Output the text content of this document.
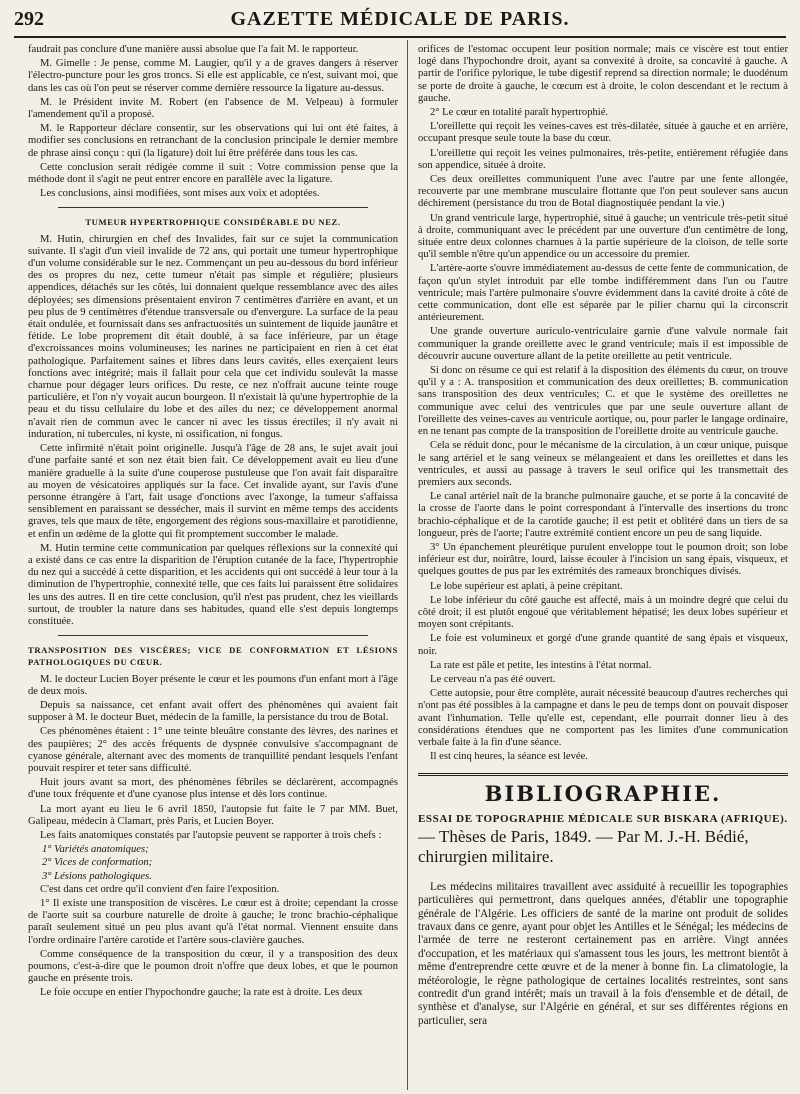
GAZETTE MÉDICALE DE PARIS.
292

faudrait pas conclure d'une manière aussi absolue que l'a fait M. le rapporteur.

M. Gimelle : Je pense, comme M. Laugier, qu'il y a de graves dangers à réserver l'électro-puncture pour les gros troncs. Si elle est applicable, ce n'est, suivant moi, que dans les cas où l'on peut se réserver comme dernière ressource la ligature au-dessus.

M. le Président invite M. Robert (en l'absence de M. Velpeau) à formuler l'amendement qu'il a proposé.

M. le Rapporteur déclare consentir, sur les observations qui lui ont été faites, à modifier ses conclusions en retranchant de la conclusion principale le dernier membre de phrase ainsi conçu : qui (la ligature) doit lui être préférée dans tous les cas.

Cette conclusion serait rédigée comme il suit : Votre commission pense que la méthode dont il s'agit ne peut entrer encore en parallèle avec la ligature.

Les conclusions, ainsi modifiées, sont mises aux voix et adoptées.

TUMEUR HYPERTROPHIQUE CONSIDÉRABLE DU NEZ.

M. Hutin, chirurgien en chef des Invalides, fait sur ce sujet la communication suivante. Il s'agit d'un vieil invalide de 72 ans, qui portait une tumeur hypertrophique d'un volume considérable sur le nez. Commençant un peu au-dessous du bord inférieur des os propres du nez, cette tumeur n'était pas simple et régulière; plusieurs appendices, détachés sur les côtés, lui donnaient quelque ressemblance avec des ailes déployées; ses dimensions présentaient environ 7 centimètres d'arrière en avant, et un peu plus de 9 centimètres d'étendue transversale ou d'envergure. La surface de la peau était ondulée, et fournissait dans ses anfractuosités un suintement de liquide jaunâtre et fétide. Le lobe proprement dit était doublé, à sa face inférieure, par un étage d'excroissances moins volumineuses; les narines ne participaient en rien à cet état pathologique. Parfaitement saines et libres dans leurs cavités, elles exerçaient leurs fonctions avec intégrité; mais il fallait pour cela que cet individu soulevât la masse charnue pour dégager leurs orifices. Du reste, ce nez n'offrait aucune teinte rouge particulière, et l'on n'y voyait aucun bourgeon. Il n'existait là qu'une hypertrophie de la peau et du tissu cellulaire du lobe et des ailes du nez; ce développement anormal n'avait rien de commun avec le cancer ni avec les tissus érectiles; il n'y avait ni induration, ni tubercules, ni kyste, ni ossification, ni fongus.

Cette infirmité n'était point originelle. Jusqu'à l'âge de 28 ans, le sujet avait joui d'une parfaite santé et son nez était bien fait. Ce développement avait eu lieu d'une manière graduelle à la suite d'une couperose pustuleuse que l'on avait fait disparaître au moyen de vésicatoires appliqués sur la face. Cet invalide ayant, sur l'avis d'une personne étrangère à l'art, fait usage d'onctions avec l'axonge, la tumeur s'affaissa sensiblement en paraissant se dessécher, mais il survint en même temps des accidents graves, tels que maux de tête, engorgement des régions sous-maxillaire et parotidienne, et enfin un œdème de la glotte qui fit promptement succomber le malade.

M. Hutin termine cette communication par quelques réflexions sur la connexité qui a existé dans ce cas entre la disparition de l'éruption cutanée de la face, l'hypertrophie du nez qui a succédé à cette disparition, et les accidents qui ont succédé à leur tour à la diminution de l'hypertrophie, connexité telle, que ces faits lui paraissent être solidaires les uns des autres. Il en tire cette conclusion, qu'il n'est pas prudent, chez les vieillards surtout, de troubler la nature dans ses habitudes, quand elle s'est depuis longtemps constituée.

TRANSPOSITION DES VISCÈRES; VICE DE CONFORMATION ET LÉSIONS PATHOLOGIQUES DU CŒUR.

M. le docteur Lucien Boyer présente le cœur et les poumons d'un enfant mort à l'âge de deux mois.

Depuis sa naissance, cet enfant avait offert des phénomènes qui avaient fait supposer à M. le docteur Buet, médecin de la famille, la persistance du trou de Botal.

Ces phénomènes étaient : 1° une teinte bleuâtre constante des lèvres, des narines et des paupières; 2° des accès fréquents de dyspnée convulsive s'accompagnant de cyanose générale, alternant avec des moments de tranquillité pendant lesquels l'enfant pouvait respirer et teter sans difficulté.

Huit jours avant sa mort, des phénomènes fébriles se déclarèrent, accompagnés d'une toux fréquente et d'une cyanose plus intense et dès lors continue.

La mort ayant eu lieu le 6 avril 1850, l'autopsie fut faite le 7 par MM. Buet, Galipeau, médecin à Clamart, près Paris, et Lucien Boyer.

Les faits anatomiques constatés par l'autopsie peuvent se rapporter à trois chefs :

1° Variétés anatomiques;
2° Vices de conformation;
3° Lésions pathologiques.

C'est dans cet ordre qu'il convient d'en faire l'exposition.

1° Il existe une transposition de viscères. Le cœur est à droite; cependant la crosse de l'aorte suit sa courbure naturelle de droite à gauche; le tronc brachio-céphalique paraît seulement situé un peu plus avant qu'à l'état normal. Viennent ensuite dans l'ordre ordinaire l'artère carotide et l'artère sous-clavière gauches.

Comme conséquence de la transposition du cœur, il y a transposition des deux poumons, c'est-à-dire que le poumon droit n'offre que deux lobes, et que le poumon gauche en présente trois.

Le foie occupe en entier l'hypochondre gauche; la rate est à droite. Les deux

orifices de l'estomac occupent leur position normale; mais ce viscère est tout entier logé dans l'hypochondre droit, ayant sa convexité à droite, sa concavité à gauche. A partir de l'orifice pylorique, le tube digestif reprend sa direction normale; le duodénum se porte de droite à gauche, le cœcum est à droite, le colon descendant et le rectum à gauche.

2° Le cœur en totalité paraît hypertrophié.

L'oreillette qui reçoit les veines-caves est très-dilatée, située à gauche et en arrière, occupant presque seule toute la base du cœur.

L'oreillette qui reçoit les veines pulmonaires, très-petite, entièrement réfugiée dans son appendice, située à droite.

Ces deux oreillettes communiquent l'une avec l'autre par une fente allongée, recouverte par une membrane musculaire flottante que l'on peut soulever sans aucun déchirement (persistance du trou de Botal diagnostiquée pendant la vie.)

Un grand ventricule large, hypertrophié, situé à gauche; un ventricule très-petit situé à droite, communiquant avec le précédent par une ouverture d'un centimètre de long, située entre deux colonnes charnues à la partie supérieure de la cloison, de telle sorte qu'il semble n'être qu'un appendice ou un accessoire du premier.

L'artère-aorte s'ouvre immédiatement au-dessus de cette fente de communication, de façon qu'un stylet introduit par elle tombe indifféremment dans l'un ou l'autre ventricule; mais l'artère pulmonaire s'ouvre évidemment dans la cavité droite à côté de cette communication, dont elle est séparée par le pilier charnu qui la circonscrit antérieurement.

Une grande ouverture auriculo-ventriculaire garnie d'une valvule normale fait communiquer la grande oreillette avec le grand ventricule; mais il est impossible de découvrir aucune ouverture allant de la petite oreillette au petit ventricule.

Si donc on résume ce qui est relatif à la disposition des éléments du cœur, on trouve qu'il y a : A. transposition et communication des deux oreillettes; B. communication sans transposition des deux ventricules; C. et que le système des oreillettes ne communique avec celui des ventricules que par une seule ouverture allant de l'oreillette des veines-caves au ventricule aortique, ou, pour parler le langage ordinaire, en ne tenant pas compte de la transposition de l'oreillette droite au ventricule gauche.

Cela se réduit donc, pour le mécanisme de la circulation, à un cœur unique, puisque le sang artériel et le sang veineux se mélangeaient et dans les oreillettes et dans les ventricules, et aussi au passage à travers le seul orifice qui les transmettait des premiers aux seconds.

Le canal artériel naît de la branche pulmonaire gauche, et se porte à la concavité de la crosse de l'aorte dans le point correspondant à l'intervalle des insertions du tronc brachio-céphalique et de la carotide gauche; il est petit et oblitéré dans un tiers de sa longueur, près de l'aorte; l'autre extrémité contient encore un peu de sang liquide.

3° Un épanchement pleurétique purulent enveloppe tout le poumon droit; son lobe inférieur est dur, noirâtre, lourd, laisse écouler à l'incision un sang épais, visqueux, et quelques gouttes de pus par les extrémités des rameaux bronchiques divisés.

Le lobe supérieur est aplati, à peine crépitant.

Le lobe inférieur du côté gauche est affecté, mais à un moindre degré que celui du côté droit; il est plutôt engoué que véritablement hépatisé; les deux lobes supérieur et moyen sont crépitants.

Le foie est volumineux et gorgé d'une grande quantité de sang épais et visqueux, noir.

La rate est pâle et petite, les intestins à l'état normal.

Le cerveau n'a pas été ouvert.

Cette autopsie, pour être complète, aurait nécessité beaucoup d'autres recherches qui n'ont pas été possibles à la campagne et dans le peu de temps dont on pouvait disposer avant l'inhumation. Telle qu'elle est, cependant, elle pourrait donner lieu à des considérations étendues que ne comportent pas les limites d'une communication verbale faite à la fin d'une séance.

Il est cinq heures, la séance est levée.

BIBLIOGRAPHIE.
ESSAI DE TOPOGRAPHIE MÉDICALE SUR BISKARA (AFRIQUE).
— Thèses de Paris, 1849. — Par M. J.-H. Bédié, chirurgien militaire.

Les médecins militaires travaillent avec assiduité à recueillir les topographies particulières qui permettront, dans quelques années, d'établir une topographie générale de l'Algérie. Les officiers de santé de la marine ont produit de solides travaux dans ce genre, ayant pour objet les Antilles et le Sénégal; les médecins de l'armée de terre ne resteront certainement pas en arrière. Vingt années d'occupation, et les matériaux qui s'amassent tous les jours, les mettront bientôt à même d'entreprendre cette œuvre et de la mener à bonne fin. La climatologie, la météorologie, le règne pathologique de certaines localités restreintes, sont sans contredit d'un grand intérêt; mais un travail à la fois d'ensemble et de détail, de synthèse et d'analyse, sur l'Algérie en général, et sur ses différentes régions en particulier, sera
